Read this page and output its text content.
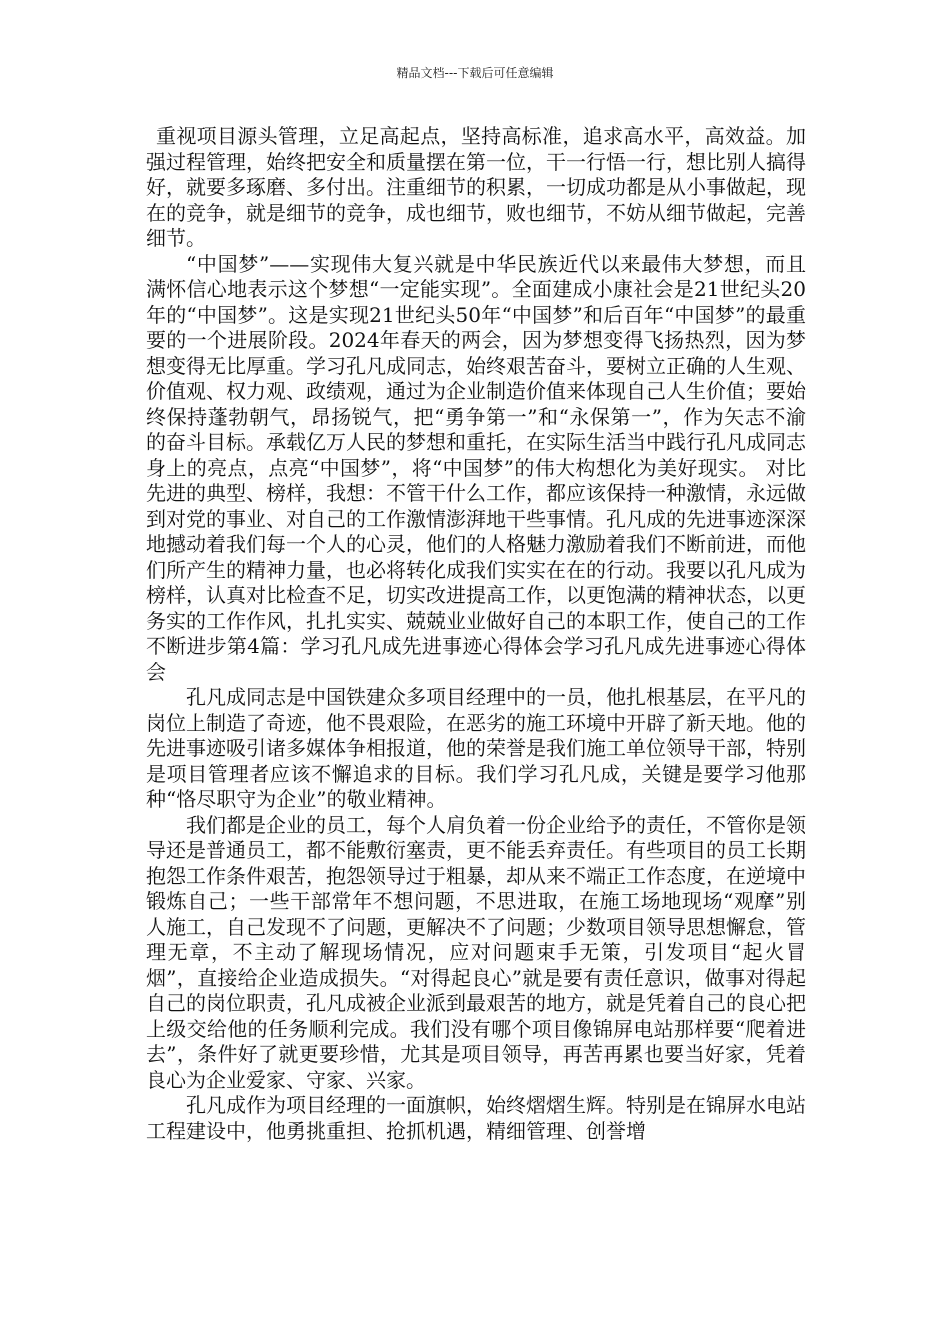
精品文档---下载后可任意编辑

重视项目源头管理，立足高起点，坚持高标准，追求高水平，高效益。加强过程管理，始终把安全和质量摆在第一位，干一行悟一行，想比别人搞得好，就要多琢磨、多付出。注重细节的积累，一切成功都是从小事做起，现在的竞争，就是细节的竞争，成也细节，败也细节，不妨从细节做起，完善细节。

“中国梦”——实现伟大复兴就是中华民族近代以来最伟大梦想，而且满怀信心地表示这个梦想“一定能实现”。全面建成小康社会是21世纪头20年的“中国梦”。这是实现21世纪头50年“中国梦”和后百年“中国梦”的最重要的一个进展阶段。2024年春天的两会，因为梦想变得飞扬热烈，因为梦想变得无比厚重。学习孔凡成同志，始终艰苦奋斗，要树立正确的人生观、价值观、权力观、政绩观，通过为企业制造价值来体现自己人生价值；要始终保持蓬勃朝气，昂扬锐气，把“勇争第一”和“永保第一”，作为矢志不渝的奋斗目标。承载亿万人民的梦想和重托，在实际生活当中践行孔凡成同志身上的亮点，点亮“中国梦”，将“中国梦”的伟大构想化为美好现实。 对比先进的典型、榜样，我想：不管干什么工作，都应该保持一种激情，永远做到对党的事业、对自己的工作激情澎湃地干些事情。孔凡成的先进事迹深深地撼动着我们每一个人的心灵，他们的人格魅力激励着我们不断前进，而他们所产生的精神力量，也必将转化成我们实实在在的行动。我要以孔凡成为榜样，认真对比检查不足，切实改进提高工作，以更饱满的精神状态，以更务实的工作作风，扎扎实实、兢兢业业做好自己的本职工作，使自己的工作不断进步第4篇：学习孔凡成先进事迹心得体会学习孔凡成先进事迹心得体会

孔凡成同志是中国铁建众多项目经理中的一员，他扎根基层，在平凡的岗位上制造了奇迹，他不畏艰险，在恶劣的施工环境中开辟了新天地。他的先进事迹吸引诸多媒体争相报道，他的荣誉是我们施工单位领导干部，特别是项目管理者应该不懈追求的目标。我们学习孔凡成，关键是要学习他那种“恪尽职守为企业”的敬业精神。

我们都是企业的员工，每个人肩负着一份企业给予的责任，不管你是领导还是普通员工，都不能敷衍塞责，更不能丢弃责任。有些项目的员工长期抱怨工作条件艰苦，抱怨领导过于粗暴，却从来不端正工作态度，在逆境中锻炼自己；一些干部常年不想问题，不思进取，在施工场地现场“观摩”别人施工，自己发现不了问题，更解决不了问题；少数项目领导思想懈怠，管理无章，不主动了解现场情况，应对问题束手无策，引发项目“起火冒烟”，直接给企业造成损失。“对得起良心”就是要有责任意识，做事对得起自己的岗位职责，孔凡成被企业派到最艰苦的地方，就是凭着自己的良心把上级交给他的任务顺利完成。我们没有哪个项目像锦屏电站那样要“爬着进去”，条件好了就更要珍惜，尤其是项目领导，再苦再累也要当好家，凭着良心为企业爱家、守家、兴家。

孔凡成作为项目经理的一面旗帜，始终熠熠生辉。特别是在锦屏水电站工程建设中，他勇挑重担、抢抓机遇，精细管理、创誉增
